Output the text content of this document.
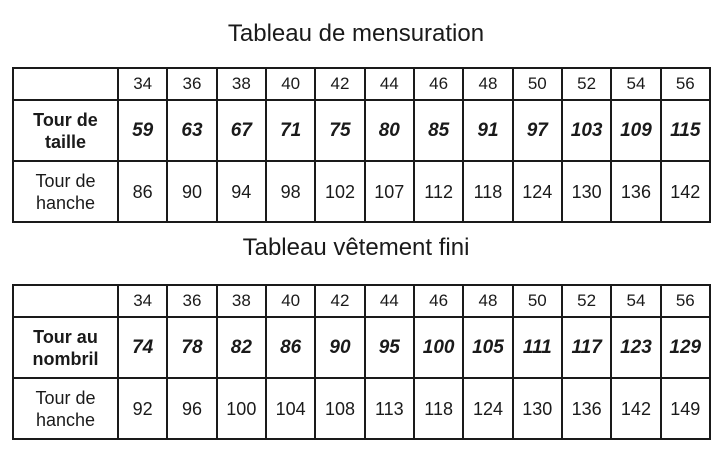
Tableau de mensuration
	34	36	38	40	42	44	46	48	50	52	54	56

Tour de
taille	59	63	67	71	75	80	85	91	97	103	109	115

Tour de
hanche	86	90	94	98	102	107	112	118	124	130	136	142
Tableau vêtement fini
	34	36	38	40	42	44	46	48	50	52	54	56

Tour au
nombril	74	78	82	86	90	95	100	105	111	117	123	129

Tour de
hanche	92	96	100	104	108	113	118	124	130	136	142	149
